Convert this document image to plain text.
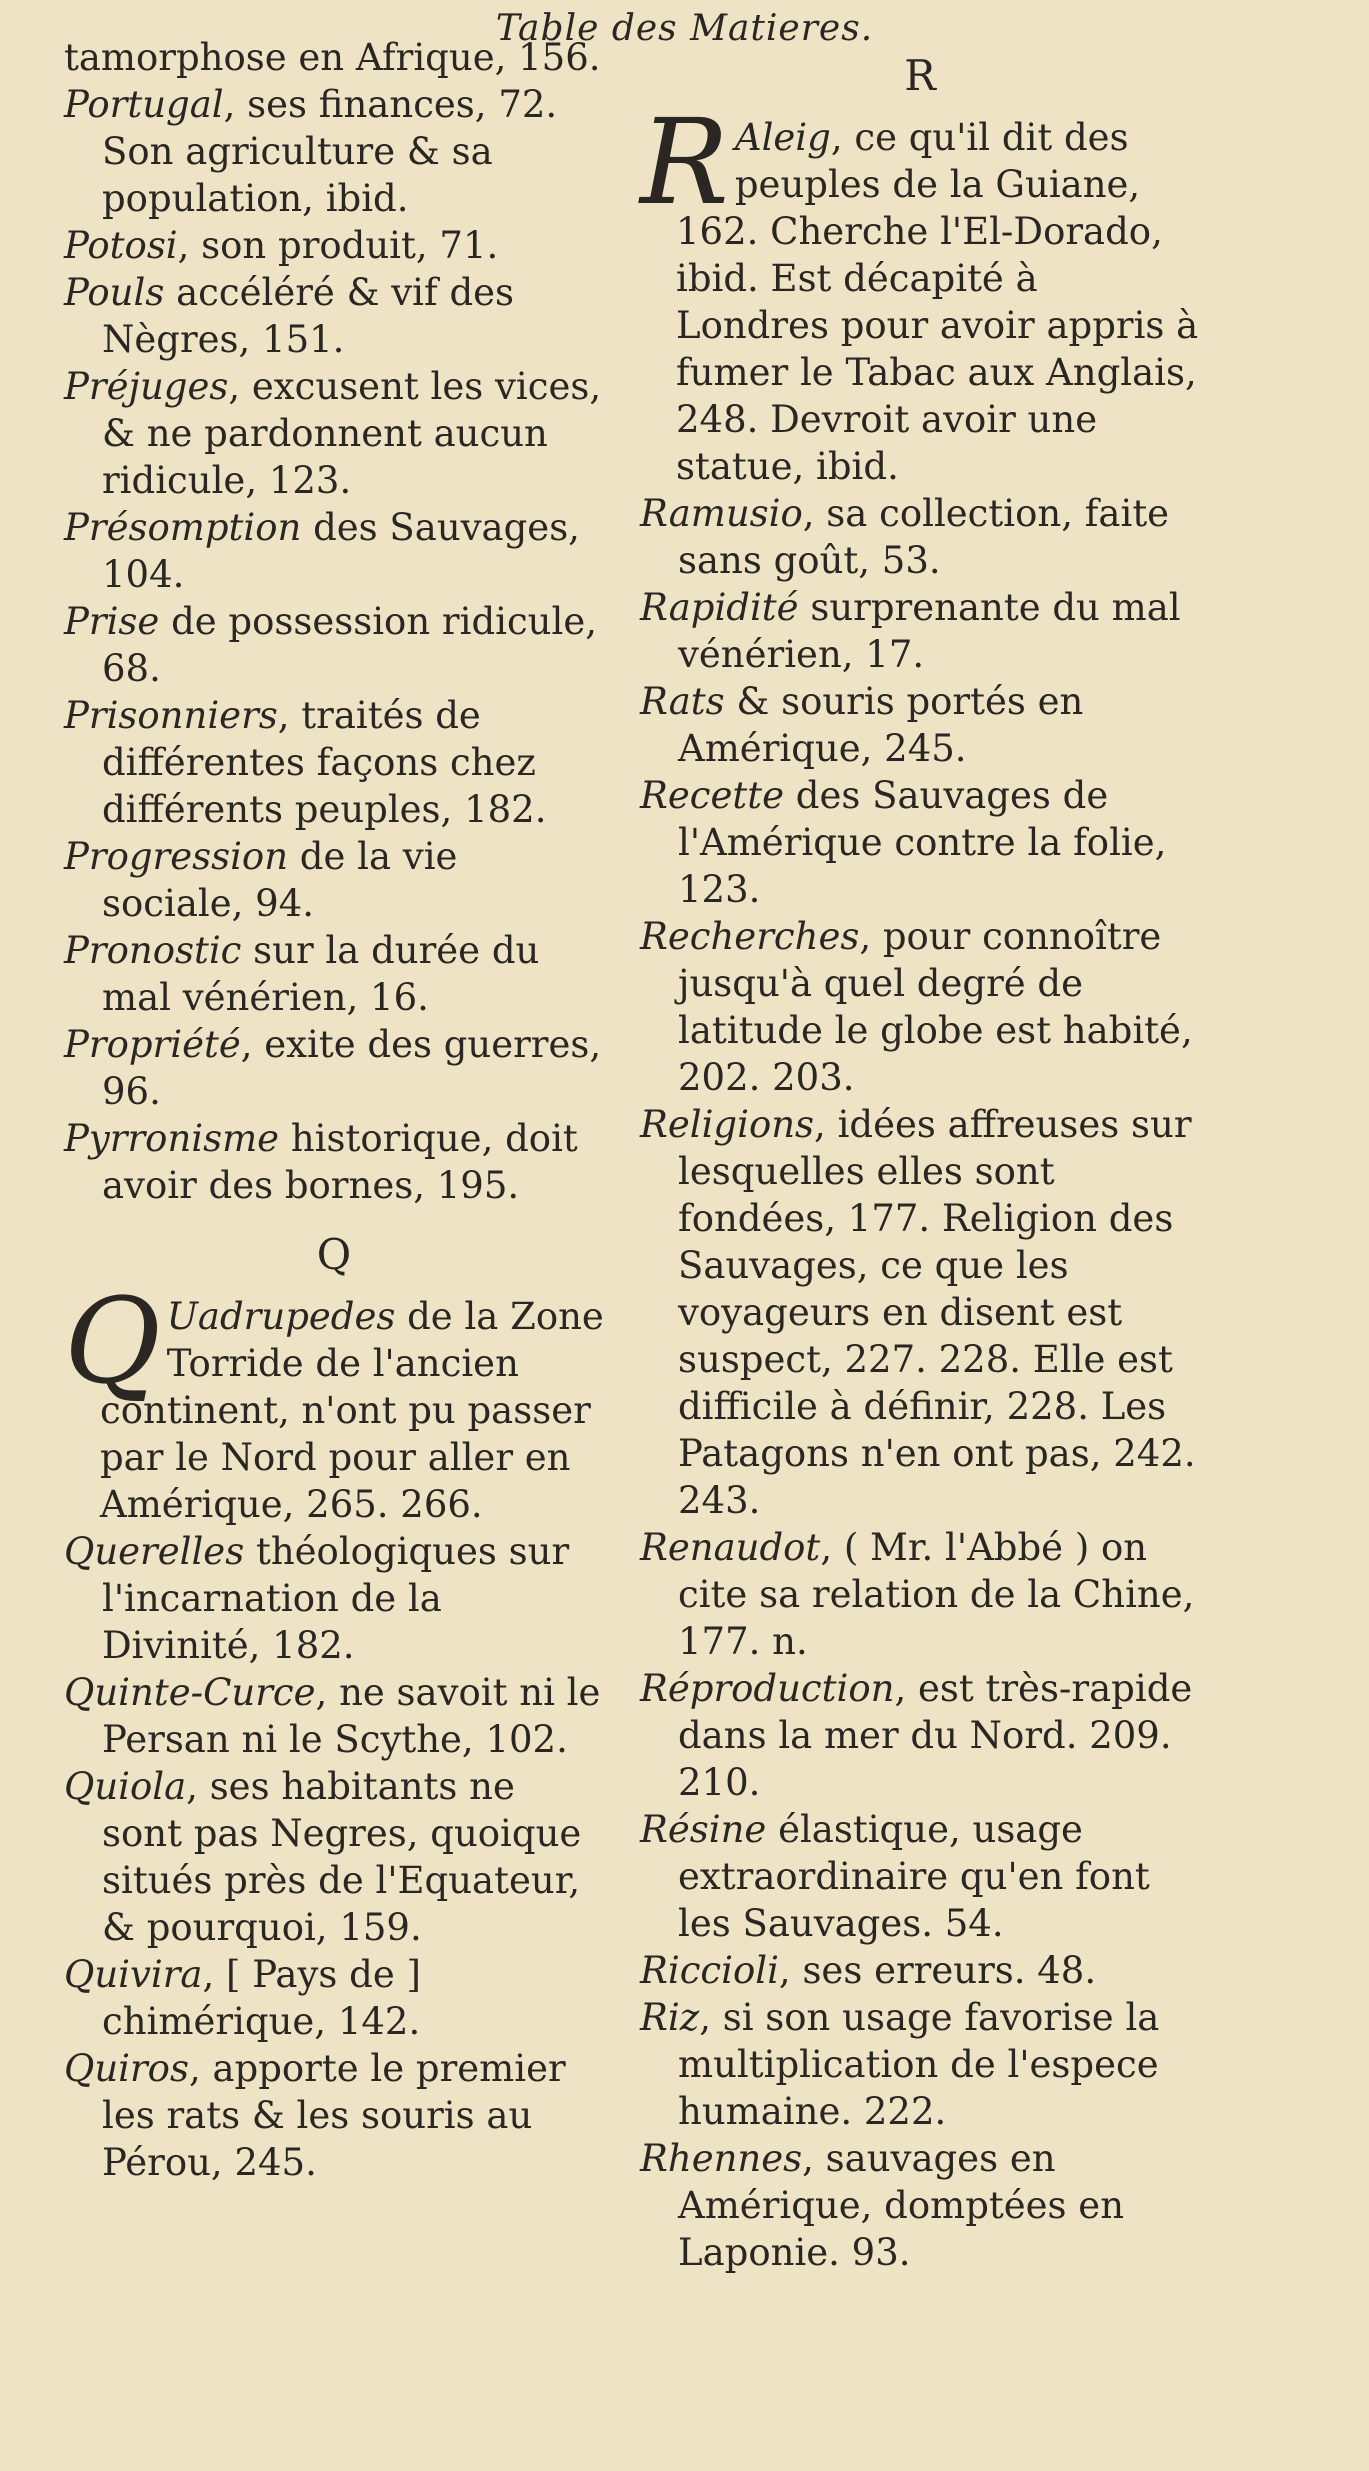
Table des Matieres.

tamorphose en Afrique, 156.

Portugal, ses finances, 72. Son agriculture & sa population, ibid.

Potosi, son produit, 71.

Pouls accéléré & vif des Nègres, 151.

Préjuges, excusent les vices, & ne pardonnent aucun ridicule, 123.

Présomption des Sauvages, 104.

Prise de possession ridicule, 68.

Prisonniers, traités de différentes façons chez différents peuples, 182.

Progression de la vie sociale, 94.

Pronostic sur la durée du mal vénérien, 16.

Propriété, exite des guerres, 96.

Pyrronisme historique, doit avoir des bornes, 195.

Q

Q Uadrupedes de la Zone Torride de l'ancien continent, n'ont pu passer par le Nord pour aller en Amérique, 265. 266.

Querelles théologiques sur l'incarnation de la Divinité, 182.

Quinte-Curce, ne savoit ni le Persan ni le Scythe, 102.

Quiola, ses habitants ne sont pas Negres, quoique situés près de l'Equateur, & pourquoi, 159.

Quivira, [ Pays de ] chimérique, 142.

Quiros, apporte le premier les rats & les souris au Pérou, 245.

R

R Aleig, ce qu'il dit des peuples de la Guiane, 162. Cherche l'El-Dorado, ibid. Est décapité à Londres pour avoir appris à fumer le Tabac aux Anglais, 248. Devroit avoir une statue, ibid.

Ramusio, sa collection, faite sans goût, 53.

Rapidité surprenante du mal vénérien, 17.

Rats & souris portés en Amérique, 245.

Recette des Sauvages de l'Amérique contre la folie, 123.

Recherches, pour connoître jusqu'à quel degré de latitude le globe est habité, 202. 203.

Religions, idées affreuses sur lesquelles elles sont fondées, 177. Religion des Sauvages, ce que les voyageurs en disent est suspect, 227. 228. Elle est difficile à définir, 228. Les Patagons n'en ont pas, 242. 243.

Renaudot, ( Mr. l'Abbé ) on cite sa relation de la Chine, 177. n.

Réproduction, est très-rapide dans la mer du Nord. 209. 210.

Résine élastique, usage extraordinaire qu'en font les Sauvages. 54.

Riccioli, ses erreurs. 48.

Riz, si son usage favorise la multiplication de l'espece humaine. 222.

Rhennes, sauvages en Amérique, domptées en Laponie. 93.
